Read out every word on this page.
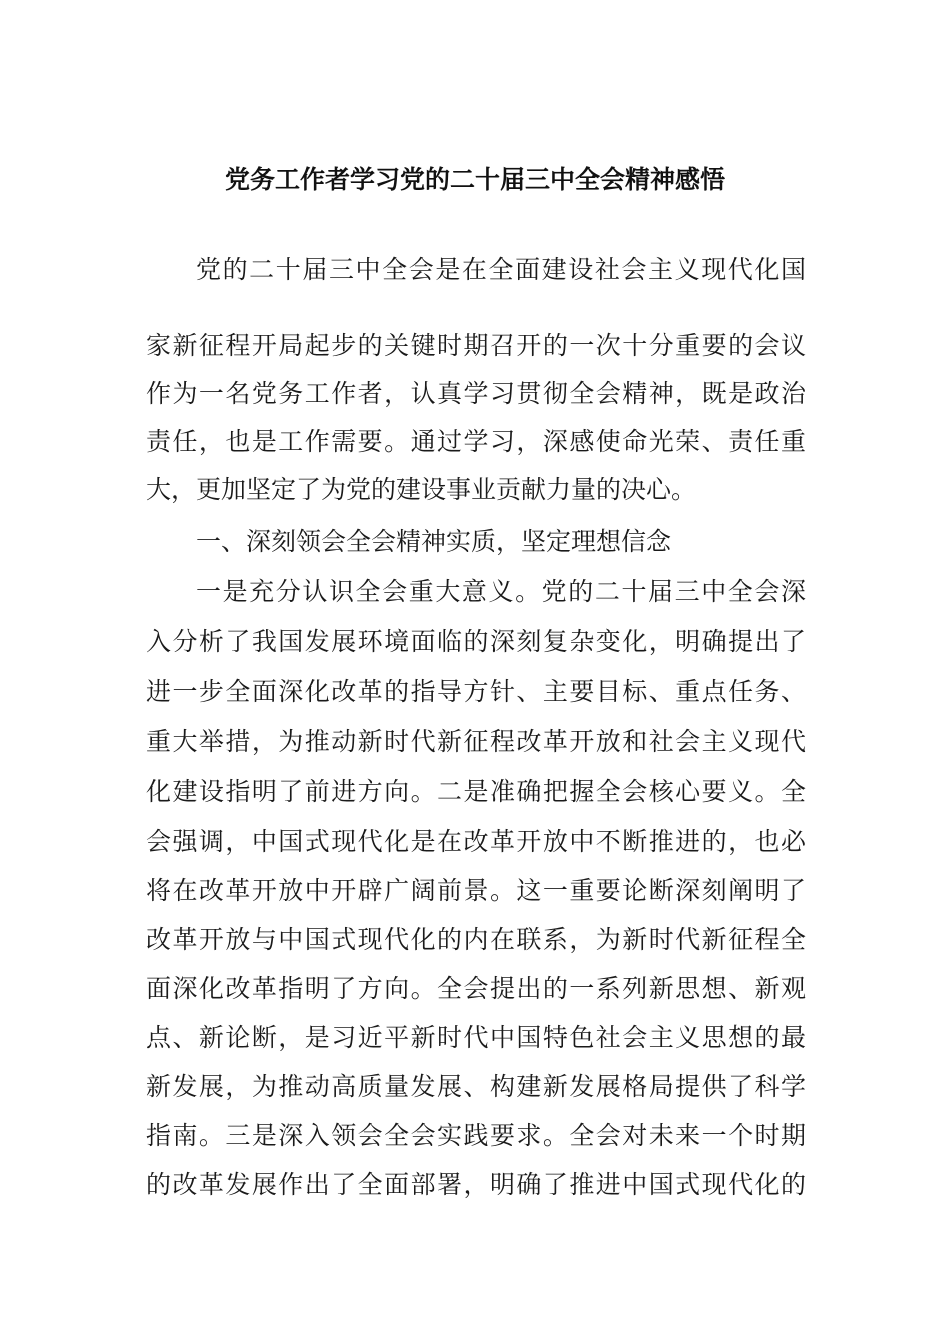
党务工作者学习党的二十届三中全会精神感悟
党的二十届三中全会是在全面建设社会主义现代化国
家新征程开局起步的关键时期召开的一次十分重要的会议
作为一名党务工作者，认真学习贯彻全会精神，既是政治
责任，也是工作需要。通过学习，深感使命光荣、责任重
大，更加坚定了为党的建设事业贡献力量的决心。
一、深刻领会全会精神实质，坚定理想信念
一是充分认识全会重大意义。党的二十届三中全会深
入分析了我国发展环境面临的深刻复杂变化，明确提出了
进一步全面深化改革的指导方针、主要目标、重点任务、
重大举措，为推动新时代新征程改革开放和社会主义现代
化建设指明了前进方向。二是准确把握全会核心要义。全
会强调，中国式现代化是在改革开放中不断推进的，也必
将在改革开放中开辟广阔前景。这一重要论断深刻阐明了
改革开放与中国式现代化的内在联系，为新时代新征程全
面深化改革指明了方向。全会提出的一系列新思想、新观
点、新论断，是习近平新时代中国特色社会主义思想的最
新发展，为推动高质量发展、构建新发展格局提供了科学
指南。三是深入领会全会实践要求。全会对未来一个时期
的改革发展作出了全面部署，明确了推进中国式现代化的
